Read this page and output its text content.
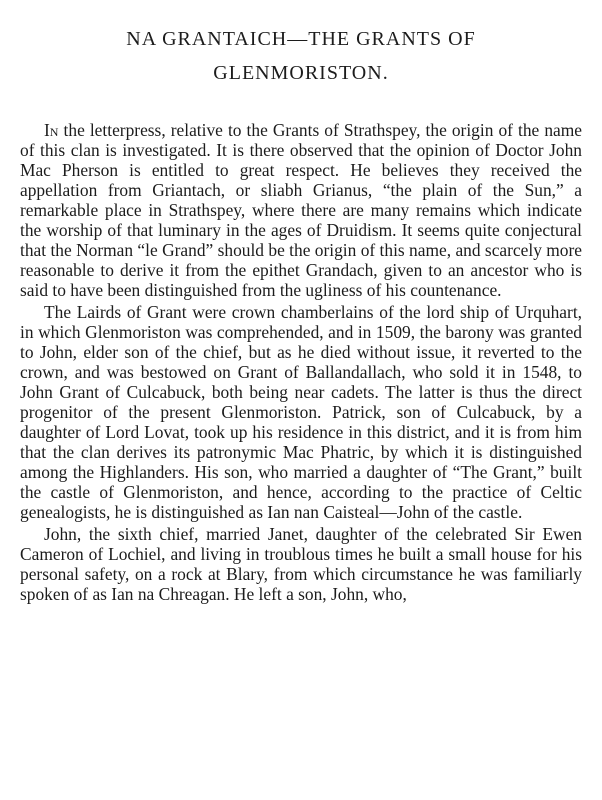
NA GRANTAICH—THE GRANTS OF
GLENMORISTON.

In the letterpress, relative to the Grants of Strathspey, the origin of the name of this clan is investigated. It is there observed that the opinion of Doctor John Mac Pherson is entitled to great respect. He believes they received the appellation from Griantach, or sliabh Grianus, “the plain of the Sun,” a remarkable place in Strathspey, where there are many remains which indicate the worship of that luminary in the ages of Druidism. It seems quite conjectural that the Norman “le Grand” should be the origin of this name, and scarcely more reasonable to derive it from the epithet Grandach, given to an ancestor who is said to have been distinguished from the ugliness of his countenance.

The Lairds of Grant were crown chamberlains of the lord ship of Urquhart, in which Glenmoriston was comprehended, and in 1509, the barony was granted to John, elder son of the chief, but as he died without issue, it reverted to the crown, and was bestowed on Grant of Ballandallach, who sold it in 1548, to John Grant of Culcabuck, both being near cadets. The latter is thus the direct progenitor of the present Glenmoriston. Patrick, son of Culcabuck, by a daughter of Lord Lovat, took up his residence in this district, and it is from him that the clan derives its patronymic Mac Phatric, by which it is distinguished among the Highlanders. His son, who married a daughter of “The Grant,” built the castle of Glenmoriston, and hence, according to the practice of Celtic genealogists, he is distinguished as Ian nan Caisteal—John of the castle.

John, the sixth chief, married Janet, daughter of the celebrated Sir Ewen Cameron of Lochiel, and living in troublous times he built a small house for his personal safety, on a rock at Blary, from which circumstance he was familiarly spoken of as Ian na Chreagan. He left a son, John, who,
